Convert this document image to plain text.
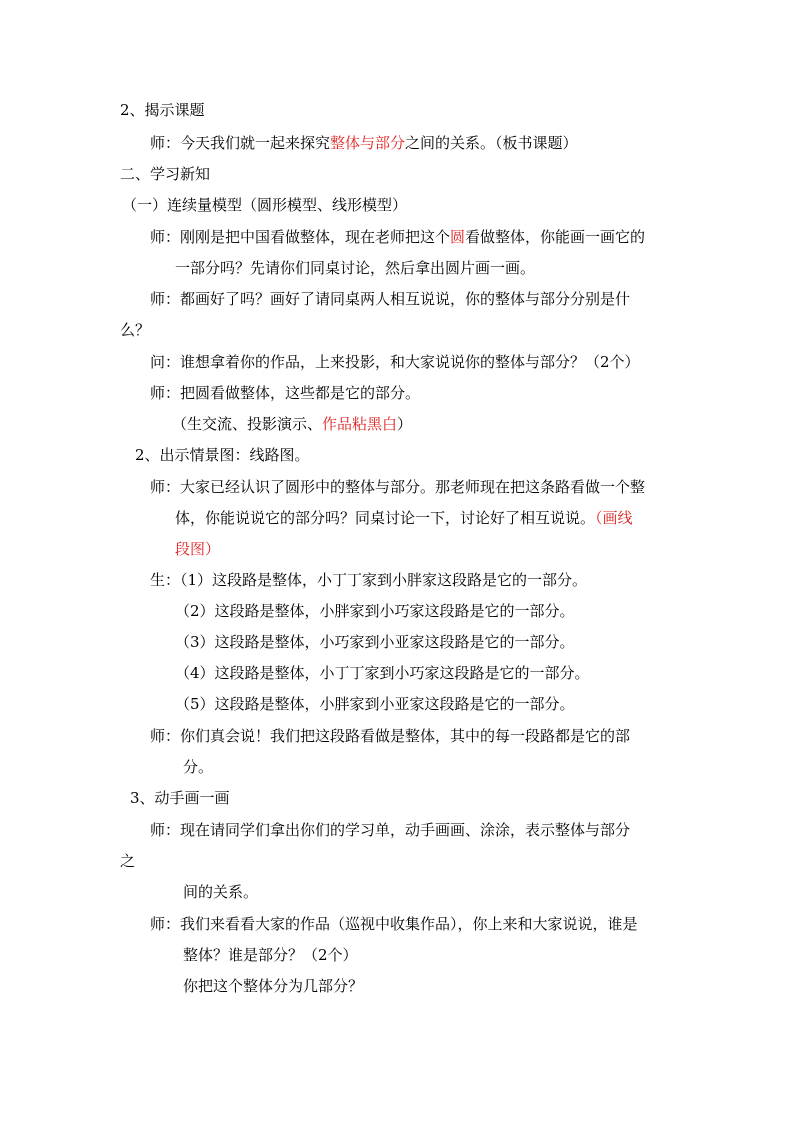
2、揭示课题
师：今天我们就一起来探究整体与部分之间的关系。（板书课题）
二、学习新知
（一）连续量模型（圆形模型、线形模型）
师：刚刚是把中国看做整体，现在老师把这个圆看做整体，你能画一画它的
一部分吗？先请你们同桌讨论，然后拿出圆片画一画。
师：都画好了吗？画好了请同桌两人相互说说，你的整体与部分分别是什
么？
问：谁想拿着你的作品，上来投影，和大家说说你的整体与部分？（2个）
师：把圆看做整体，这些都是它的部分。
（生交流、投影演示、作品粘黑白）
2、出示情景图：线路图。
师：大家已经认识了圆形中的整体与部分。那老师现在把这条路看做一个整
体，你能说说它的部分吗？同桌讨论一下，讨论好了相互说说。（画线
段图）
生：（1）这段路是整体，小丁丁家到小胖家这段路是它的一部分。
（2）这段路是整体，小胖家到小巧家这段路是它的一部分。
（3）这段路是整体，小巧家到小亚家这段路是它的一部分。
（4）这段路是整体，小丁丁家到小巧家这段路是它的一部分。
（5）这段路是整体，小胖家到小亚家这段路是它的一部分。
师：你们真会说！我们把这段路看做是整体，其中的每一段路都是它的部
分。
3、动手画一画
师：现在请同学们拿出你们的学习单，动手画画、涂涂，表示整体与部分
之
间的关系。
师：我们来看看大家的作品（巡视中收集作品），你上来和大家说说，谁是
整体？谁是部分？（2个）
你把这个整体分为几部分？
